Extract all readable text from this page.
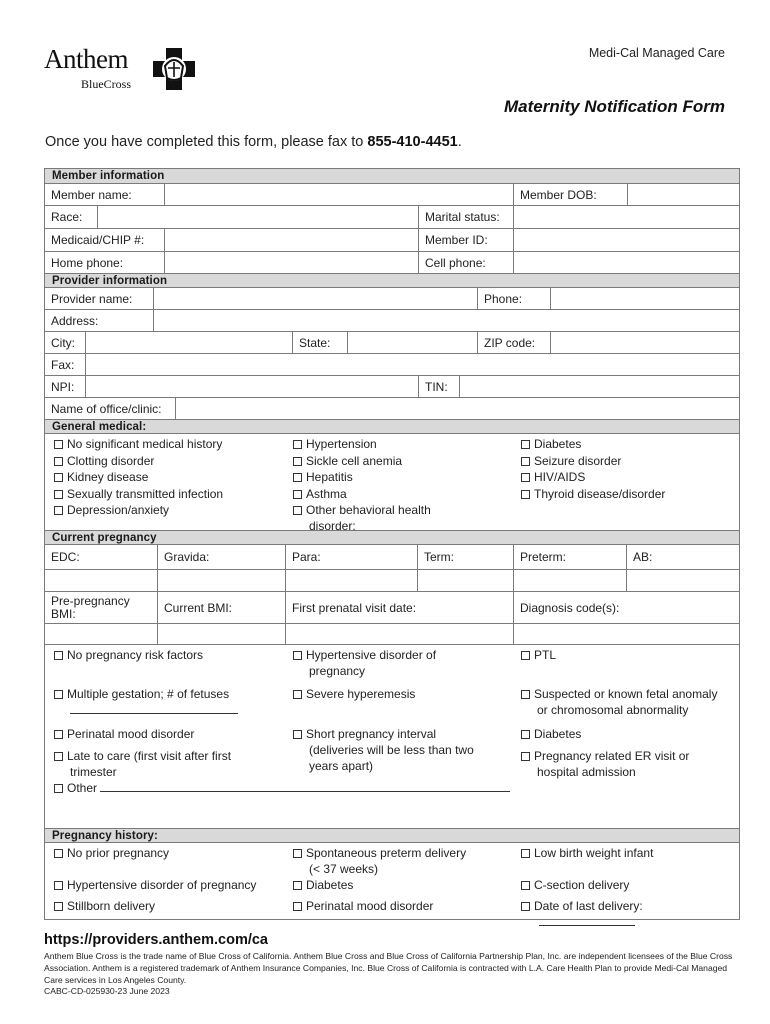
Anthem
BlueCross
Medi-Cal Managed Care
Maternity Notification Form
Once you have completed this form, please fax to 855-410-4451.
Member information
Member name:	Member DOB:
Race:	Marital status:
Medicaid/CHIP #:	Member ID:
Home phone:	Cell phone:
Provider information
Provider name:	Phone:
Address:
City:	State:	ZIP code:
Fax:
NPI:	TIN:
Name of office/clinic:
General medical:
No significant medical history
Clotting disorder
Kidney disease
Sexually transmitted infection
Depression/anxiety
Hypertension
Sickle cell anemia
Hepatitis
Asthma
Other behavioral health
disorder:
Diabetes
Seizure disorder
HIV/AIDS
Thyroid disease/disorder
Current pregnancy
EDC:	Gravida:	Para:	Term:	Preterm:	AB:
Pre-pregnancy
BMI:	Current BMI:	First prenatal visit date:	Diagnosis code(s):
No pregnancy risk factors	Hypertensive disorder of
pregnancy
PTL
Multiple gestation; # of fetuses	Severe hyperemesis	Suspected or known fetal anomaly
or chromosomal abnormality
Perinatal mood disorder	Short pregnancy interval
(deliveries will be less than two
years apart)
Diabetes
Late to care (first visit after first
trimester
Pregnancy related ER visit or
hospital admission
Other
Pregnancy history:
No prior pregnancy	Spontaneous preterm delivery
(< 37 weeks)
Low birth weight infant
Hypertensive disorder of pregnancy	Diabetes	C-section delivery
Stillborn delivery	Perinatal mood disorder	Date of last delivery:
https://providers.anthem.com/ca
Anthem Blue Cross is the trade name of Blue Cross of California. Anthem Blue Cross and Blue Cross of California Partnership Plan, Inc. are independent licensees of the Blue Cross Association. Anthem is a registered trademark of Anthem Insurance Companies, Inc. Blue Cross of California is contracted with L.A. Care Health Plan to provide Medi-Cal Managed Care services in Los Angeles County.
CABC-CD-025930-23 June 2023
